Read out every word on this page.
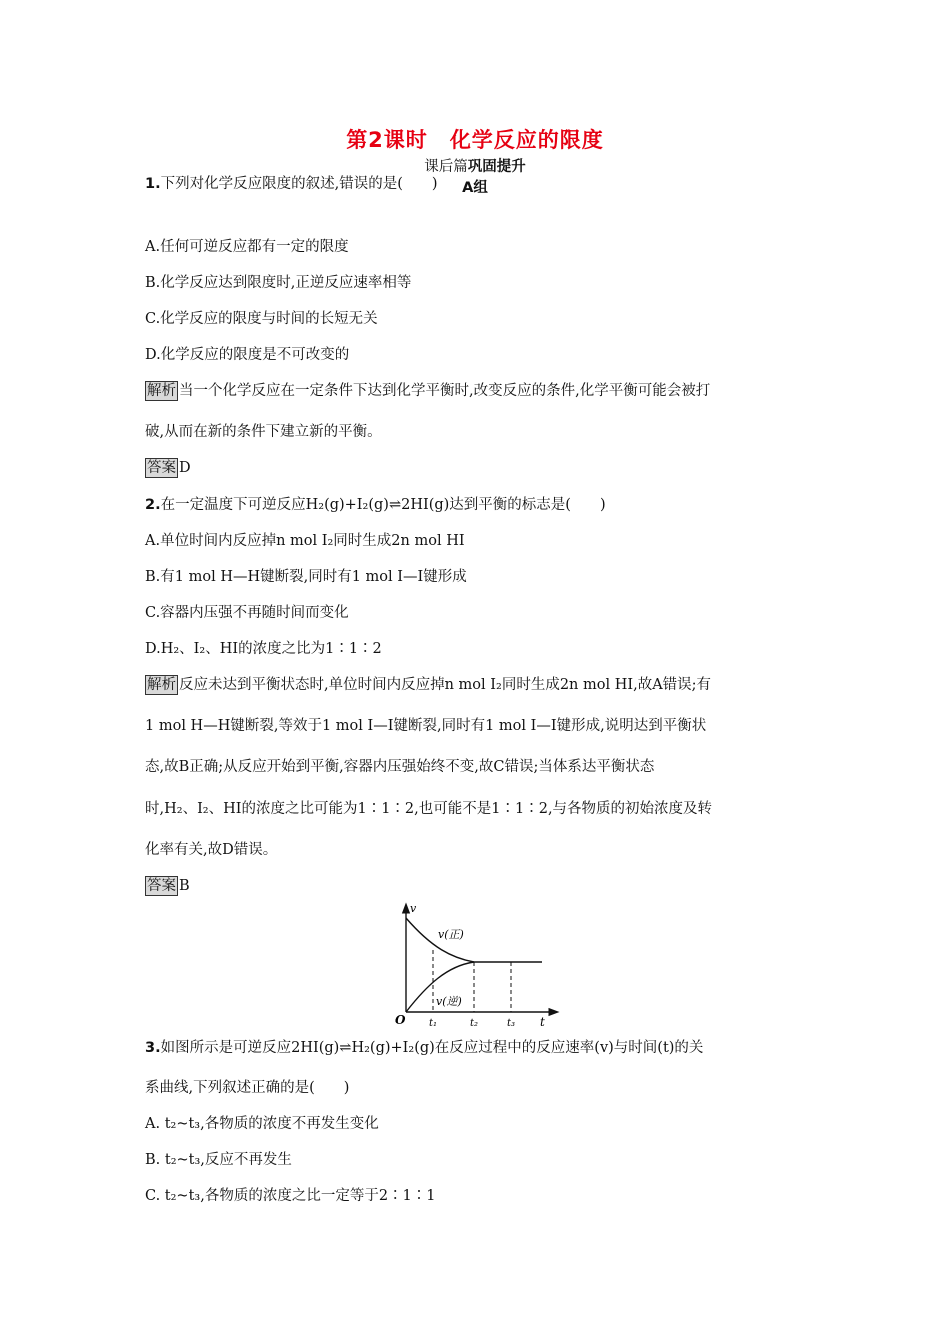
第2课时 化学反应的限度
课后篇巩固提升
A组
1.下列对化学反应限度的叙述,错误的是(　　)
A.任何可逆反应都有一定的限度
B.化学反应达到限度时,正逆反应速率相等
C.化学反应的限度与时间的长短无关
D.化学反应的限度是不可改变的
解析 当一个化学反应在一定条件下达到化学平衡时,改变反应的条件,化学平衡可能会被打
破,从而在新的条件下建立新的平衡。
答案 D
2.在一定温度下可逆反应H₂(g)+I₂(g)⇌2HI(g)达到平衡的标志是(　　)
A.单位时间内反应掉n mol I₂同时生成2n mol HI
B.有1 mol H—H键断裂,同时有1 mol I—I键形成
C.容器内压强不再随时间而变化
D.H₂、I₂、HI的浓度之比为1∶1∶2
解析 反应未达到平衡状态时,单位时间内反应掉n mol I₂同时生成2n mol HI,故A错误;有
1 mol H—H键断裂,等效于1 mol I—I键断裂,同时有1 mol I—I键形成,说明达到平衡状
态,故B正确;从反应开始到平衡,容器内压强始终不变,故C错误;当体系达平衡状态
时,H₂、I₂、HI的浓度之比可能为1∶1∶2,也可能不是1∶1∶2,与各物质的初始浓度及转
化率有关,故D错误。
答案 B
v
t
O
v(正)
v(逆)
t₁	t₂	t₃
3.如图所示是可逆反应2HI(g)⇌H₂(g)+I₂(g)在反应过程中的反应速率(v)与时间(t)的关
系曲线,下列叙述正确的是(　　)
A. t₂~t₃,各物质的浓度不再发生变化
B. t₂~t₃,反应不再发生
C. t₂~t₃,各物质的浓度之比一定等于2∶1∶1
